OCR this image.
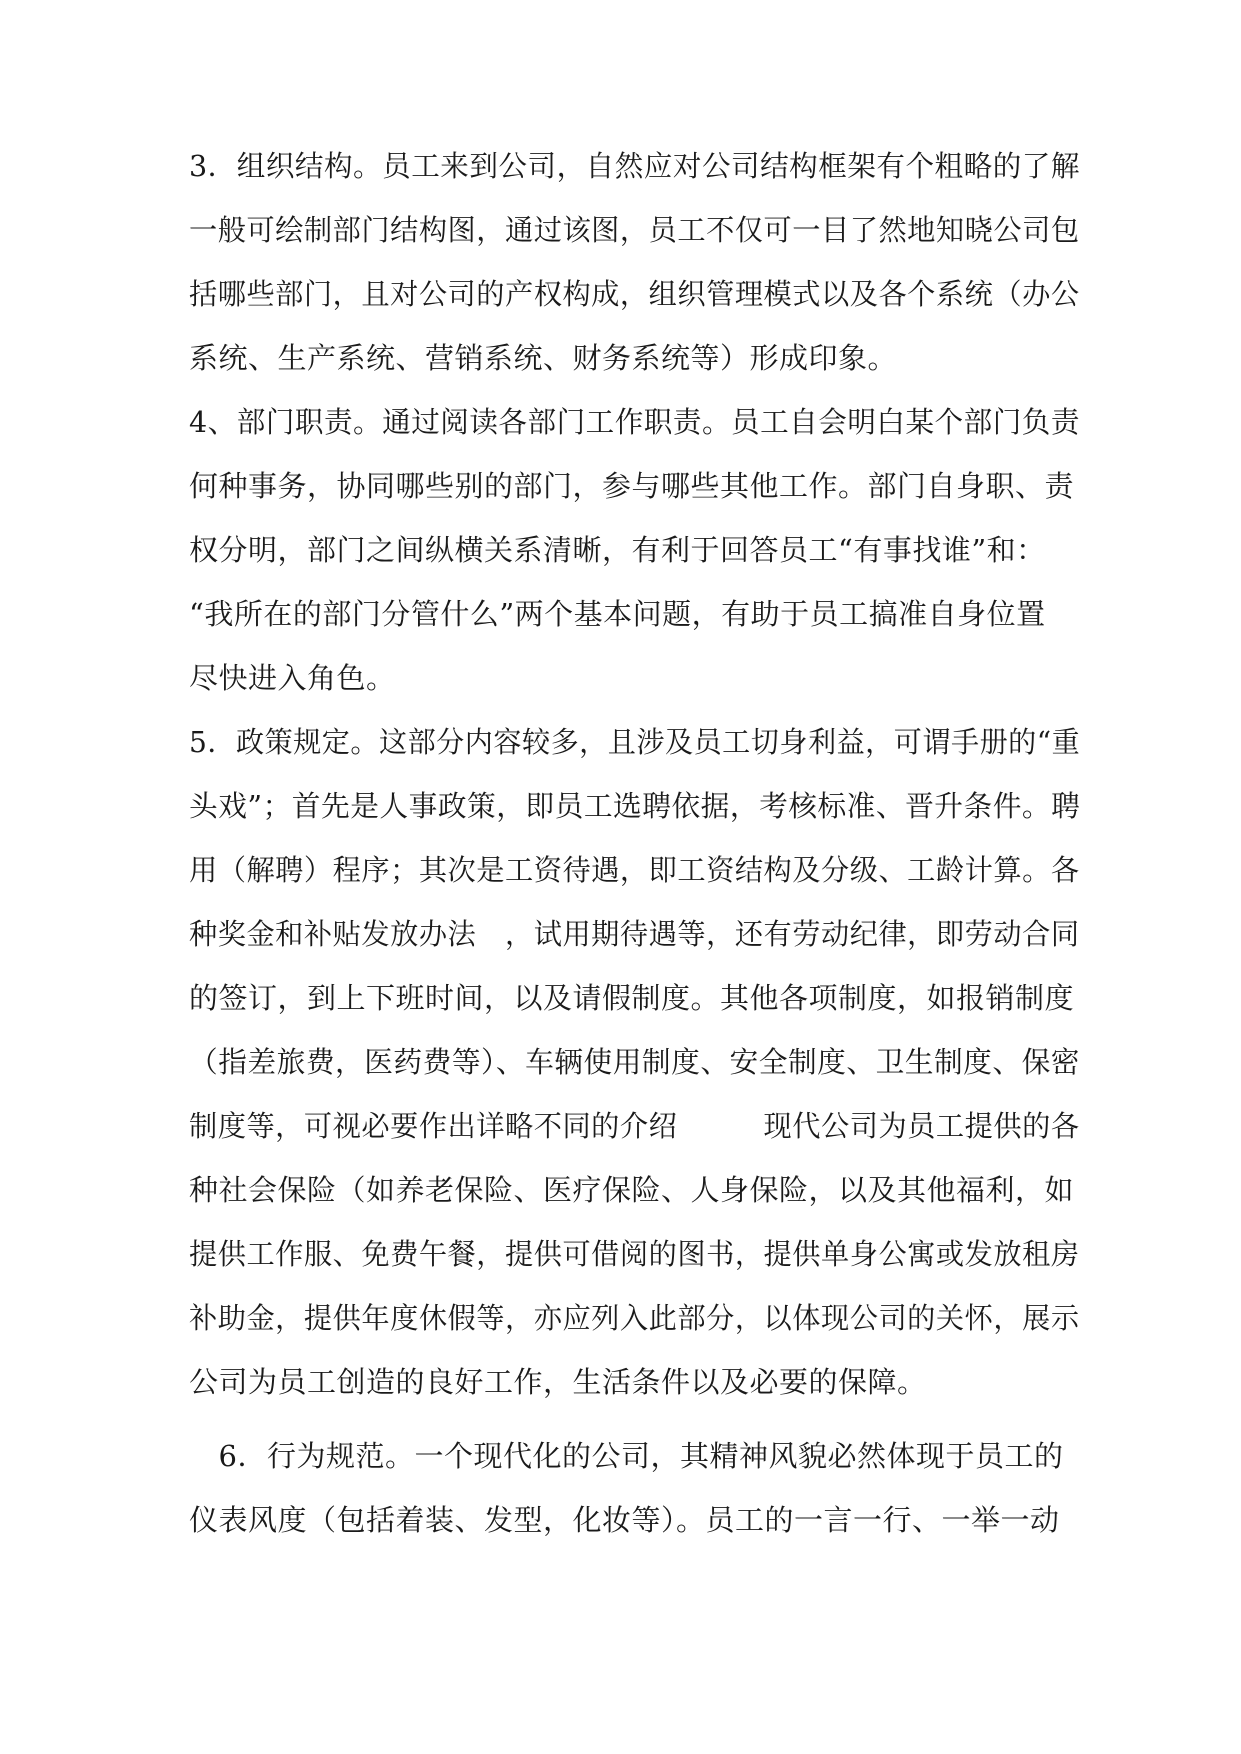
3．组织结构。员工来到公司，自然应对公司结构框架有个粗略的了解
一般可绘制部门结构图，通过该图，员工不仅可一目了然地知晓公司包
括哪些部门，且对公司的产权构成，组织管理模式以及各个系统（办公
系统、生产系统、营销系统、财务系统等）形成印象。
4、部门职责。通过阅读各部门工作职责。员工自会明白某个部门负责
何种事务，协同哪些别的部门，参与哪些其他工作。部门自身职、责
权分明，部门之间纵横关系清晰，有利于回答员工“有事找谁”和：
“我所在的部门分管什么”两个基本问题，有助于员工搞准自身位置
尽快进入角色。
5．政策规定。这部分内容较多，且涉及员工切身利益，可谓手册的“重
头戏”；首先是人事政策，即员工选聘依据，考核标准、晋升条件。聘
用（解聘）程序；其次是工资待遇，即工资结构及分级、工龄计算。各
种奖金和补贴发放办法　，试用期待遇等，还有劳动纪律，即劳动合同
的签订，到上下班时间，以及请假制度。其他各项制度，如报销制度
（指差旅费，医药费等）、车辆使用制度、安全制度、卫生制度、保密
制度等，可视必要作出详略不同的介绍　　　现代公司为员工提供的各
种社会保险（如养老保险、医疗保险、人身保险，以及其他福利，如
提供工作服、免费午餐，提供可借阅的图书，提供单身公寓或发放租房
补助金，提供年度休假等，亦应列入此部分，以体现公司的关怀，展示
公司为员工创造的良好工作，生活条件以及必要的保障。
　6．行为规范。一个现代化的公司，其精神风貌必然体现于员工的
仪表风度（包括着装、发型，化妆等）。员工的一言一行、一举一动
